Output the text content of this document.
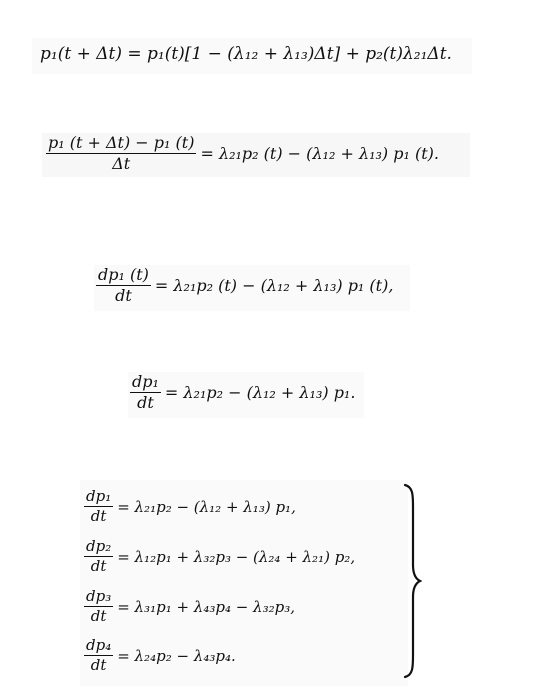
p₁(t + Δt) = p₁(t)[1 − (λ₁₂ + λ₁₃)Δt] + p₂(t)λ₂₁Δt.
$\frac{\text{p₁ (t + Δt) − p₁ (t)}}{\Delta t} = \lambda_{21}p_2$ (t) − (λ₁₂ + λ₁₃) p₁ (t).
$\frac{\text{dp₁ (t)}}{dt} = \lambda_{21}p_2$ (t) − (λ₁₂ + λ₁₃) p₁ (t),
$\frac{\text{dp₁}}{dt} = \lambda_{21}p_2 - (\lambda_{12} + \lambda_{13})$ p₁.
$\frac{\text{dp₁}}{dt} = \lambda_{21}p_2 - (\lambda_{12} + \lambda_{13})$ p₁,
$\frac{\text{dp₂}}{dt} = \lambda_{12}p_1 + \lambda_{32}p_3 - (\lambda_{24} + \lambda_{21})$ p₂,
$\frac{\text{dp₃}}{dt} = \lambda_{31}p_1 + \lambda_{43}p_4 - \lambda_{32}p_3$,
$\frac{\text{dp₄}}{dt} = \lambda_{24}p_2 - \lambda_{43}p_4$.
